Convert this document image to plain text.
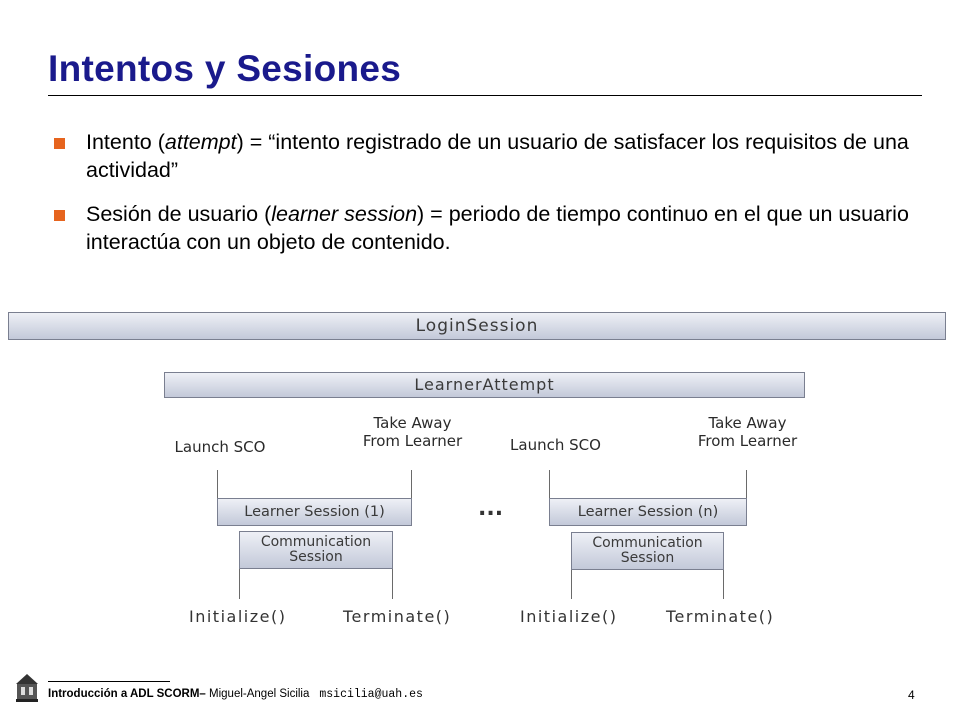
Intentos y Sesiones
Intento (attempt) = “intento registrado de un usuario de satisfacer los requisitos de una actividad”
Sesión de usuario (learner session) = periodo de tiempo continuo en el que un usuario interactúa con un objeto de contenido.
LoginSession
LearnerAttempt
Launch SCO
Take Away
From Learner
Learner Session (1)
Communication
Session
Initialize()	Terminate()
...
Launch SCO
Take Away
From Learner
Learner Session (n)
Communication
Session
Initialize()	Terminate()
Introducción a ADL SCORM– Miguel-Angel Sicilia msicilia@uah.es	4
